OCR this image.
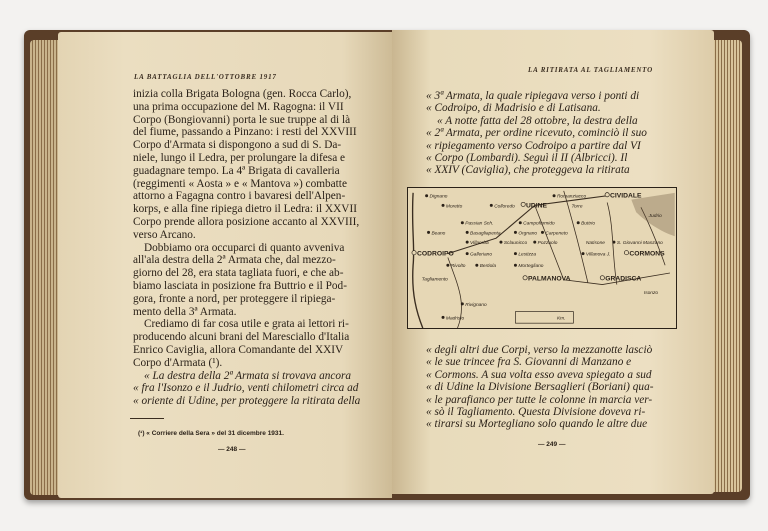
LA BATTAGLIA DELL'OTTOBRE 1917
inizia colla Brigata Bologna (gen. Rocca Carlo),
una prima occupazione del M. Ragogna: il VII
Corpo (Bongiovanni) porta le sue truppe al di là
del fiume, passando a Pinzano: i resti del XXVIII
Corpo d'Armata si dispongono a sud di S. Da-
niele, lungo il Ledra, per prolungare la difesa e
guadagnare tempo. La 4ª Brigata di cavalleria
(reggimenti « Aosta » e « Mantova ») combatte
attorno a Fagagna contro i bavaresi dell'Alpen-
korps, e alla fine ripiega dietro il Ledra: il XXVII
Corpo prende allora posizione accanto al XXVIII,
verso Arcano.
Dobbiamo ora occuparci di quanto avveniva
all'ala destra della 2ª Armata che, dal mezzo-
giorno del 28, era stata tagliata fuori, e che ab-
biamo lasciata in posizione fra Buttrio e il Pod-
gora, fronte a nord, per proteggere il ripiega-
mento della 3ª Armata.
Crediamo di far cosa utile e grata ai lettori ri-
producendo alcuni brani del Maresciallo d'Italia
Enrico Caviglia, allora Comandante del XXIV
Corpo d'Armata (¹).
« La destra della 2ª Armata si trovava ancora
« fra l'Isonzo e il Judrio, venti chilometri circa ad
« oriente di Udine, per proteggere la ritirata della
(¹) « Corriere della Sera » del 31 dicembre 1931.
— 248 —
LA RITIRATA AL TAGLIAMENTO
« 3ª Armata, la quale ripiegava verso i ponti di
« Codroipo, di Madrisio e di Latisana.
« A notte fatta del 28 ottobre, la destra della
« 2ª Armata, per ordine ricevuto, cominciò il suo
« ripiegamento verso Codroipo a partire dal VI
« Corpo (Lombardi). Seguì il II (Albricci). Il
« XXIV (Caviglia), che proteggeva la ritirata
Dignano
Moretto	Colloredo UDINE
Romanziacco	CIVIDALE
Torre
Buttrio
Passian Sch.	Campoformido
Orgnano
Basagliapenta	Carpeneto
Pozzuolo
Beano
Villaorba	Sclaunicco
Lestizza
CODROIPO
Rivolto
Galleriano
Bertiola	Mortegliano
S. Giovanni Manzano
Villanova J.	CORMONS
PALMANOVA	GRADISCA
Tagliamento
Madrisio
Rivignano
Isonzo
Judrio
Natisone
Km.
« degli altri due Corpi, verso la mezzanotte lasciò
« le sue trincee fra S. Giovanni di Manzano e
« Cormons. A sua volta esso aveva spiegato a sud
« di Udine la Divisione Bersaglieri (Boriani) qua-
« le parafianco per tutte le colonne in marcia ver-
« sò il Tagliamento. Questa Divisione doveva ri-
« tirarsi su Mortegliano solo quando le altre due
— 249 —
